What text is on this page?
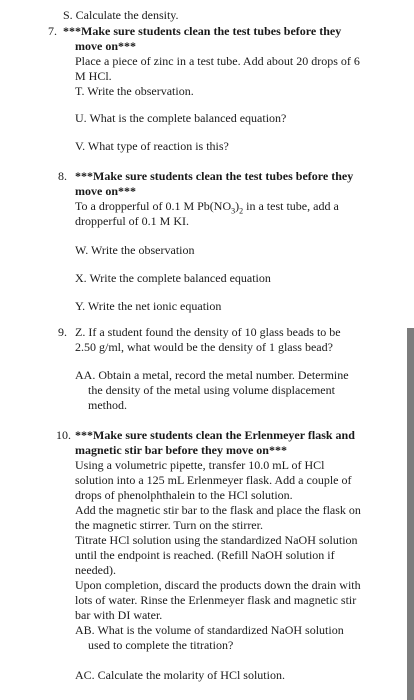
S. Calculate the density.
7. ***Make sure students clean the test tubes before they
move on***
Place a piece of zinc in a test tube. Add about 20 drops of 6
M HCl.
T. Write the observation.
U. What is the complete balanced equation?
V. What type of reaction is this?
8. ***Make sure students clean the test tubes before they
move on***
To a dropperful of 0.1 M $Pb(NO_3)_2$ in a test tube, add a
dropperful of 0.1 M KI.
W. Write the observation
X. Write the complete balanced equation
Y. Write the net ionic equation
9. Z. If a student found the density of 10 glass beads to be
2.50 g/ml, what would be the density of 1 glass bead?
AA. Obtain a metal, record the metal number. Determine
the density of the metal using volume displacement
method.
10. ***Make sure students clean the Erlenmeyer flask and
magnetic stir bar before they move on***
Using a volumetric pipette, transfer 10.0 mL of HCl
solution into a 125 mL Erlenmeyer flask. Add a couple of
drops of phenolphthalein to the HCl solution.
Add the magnetic stir bar to the flask and place the flask on
the magnetic stirrer. Turn on the stirrer.
Titrate HCl solution using the standardized NaOH solution
until the endpoint is reached. (Refill NaOH solution if
needed).
Upon completion, discard the products down the drain with
lots of water. Rinse the Erlenmeyer flask and magnetic stir
bar with DI water.
AB. What is the volume of standardized NaOH solution
used to complete the titration?
AC. Calculate the molarity of HCl solution.
